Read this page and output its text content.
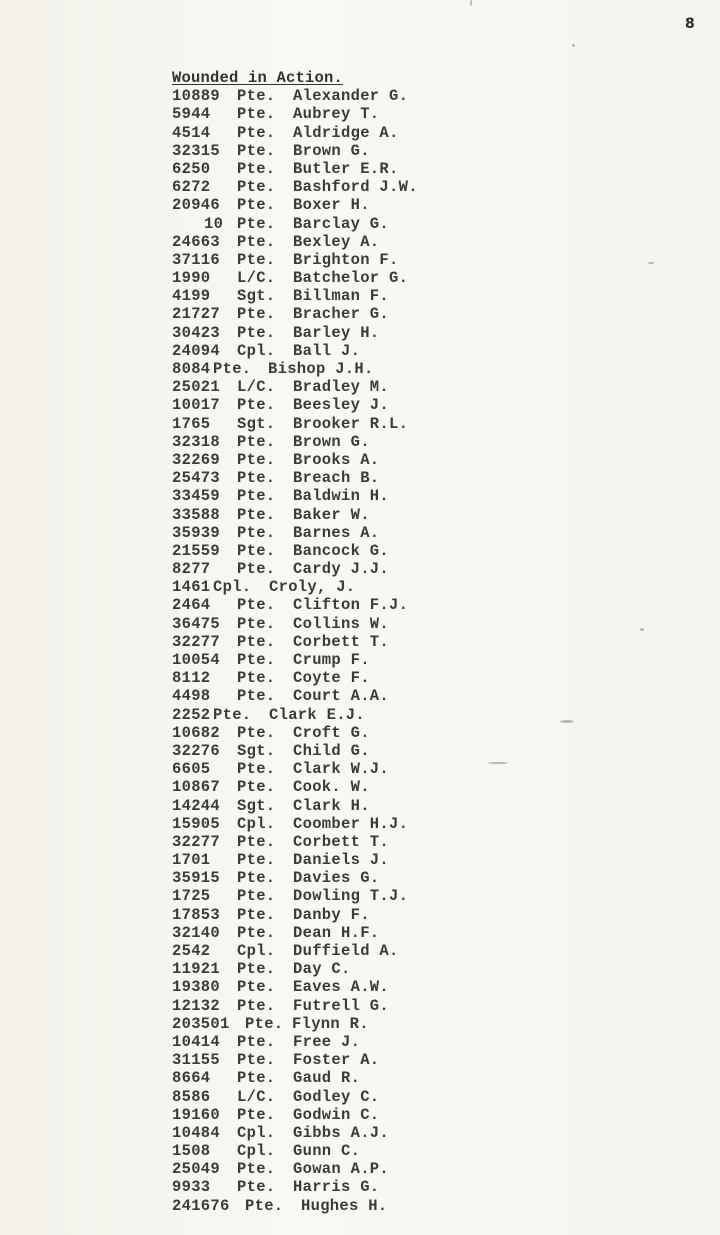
8
Wounded in Action.
10889 Pte. Alexander G.
5944 Pte. Aubrey T.
4514 Pte. Aldridge A.
32315 Pte. Brown G.
6250 Pte. Butler E.R.
6272 Pte. Bashford J.W.
20946 Pte. Boxer H.
10 Pte. Barclay G.
24663 Pte. Bexley A.
37116 Pte. Brighton F.
1990 L/C. Batchelor G.
4199 Sgt. Billman F.
21727 Pte. Bracher G.
30423 Pte. Barley H.
24094 Cpl. Ball J.
8084 Pte. Bishop J.H.
25021 L/C. Bradley M.
10017 Pte. Beesley J.
1765 Sgt. Brooker R.L.
32318 Pte. Brown G.
32269 Pte. Brooks A.
25473 Pte. Breach B.
33459 Pte. Baldwin H.
33588 Pte. Baker W.
35939 Pte. Barnes A.
21559 Pte. Bancock G.
8277 Pte. Cardy J.J.
1461 Cpl. Croly, J.
2464 Pte. Clifton F.J.
36475 Pte. Collins W.
32277 Pte. Corbett T.
10054 Pte. Crump F.
8112 Pte. Coyte F.
4498 Pte. Court A.A.
2252 Pte. Clark E.J.
10682 Pte. Croft G.
32276 Sgt. Child G.
6605 Pte. Clark W.J.
10867 Pte. Cook. W.
14244 Sgt. Clark H.
15905 Cpl. Coomber H.J.
32277 Pte. Corbett T.
1701 Pte. Daniels J.
35915 Pte. Davies G.
1725 Pte. Dowling T.J.
17853 Pte. Danby F.
32140 Pte. Dean H.F.
2542 Cpl. Duffield A.
11921 Pte. Day C.
19380 Pte. Eaves A.W.
12132 Pte. Futrell G.
203501 Pte. Flynn R.
10414 Pte. Free J.
31155 Pte. Foster A.
8664 Pte. Gaud R.
8586 L/C. Godley C.
19160 Pte. Godwin C.
10484 Cpl. Gibbs A.J.
1508 Cpl. Gunn C.
25049 Pte. Gowan A.P.
9933 Pte. Harris G.
241676 Pte. Hughes H.
